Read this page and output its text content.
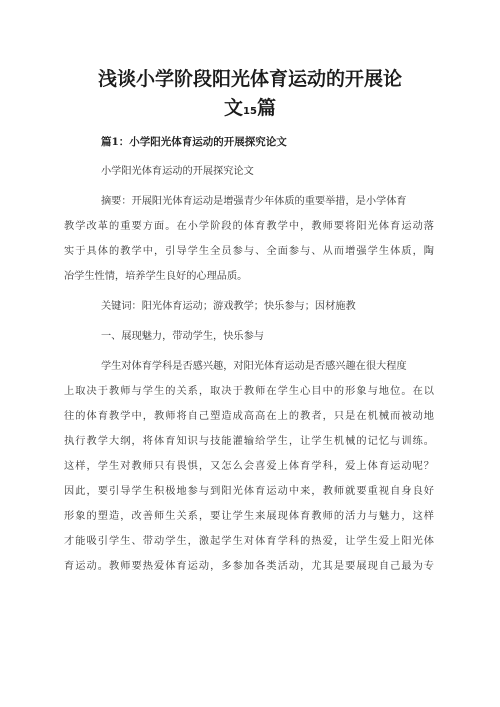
浅谈小学阶段阳光体育运动的开展论
文15篇
篇1：小学阳光体育运动的开展探究论文
小学阳光体育运动的开展探究论文
摘要：开展阳光体育运动是增强青少年体质的重要举措，是小学体育
教学改革的重要方面。在小学阶段的体育教学中，教师要将阳光体育运动落
实于具体的教学中，引导学生全员参与、全面参与、从而增强学生体质，陶
冶学生性情，培养学生良好的心理品质。
关键词：阳光体育运动；游戏教学；快乐参与；因材施教
一、展现魅力，带动学生，快乐参与
学生对体育学科是否感兴趣，对阳光体育运动是否感兴趣在很大程度
上取决于教师与学生的关系，取决于教师在学生心目中的形象与地位。在以
往的体育教学中，教师将自己塑造成高高在上的教者，只是在机械而被动地
执行教学大纲，将体育知识与技能灌输给学生，让学生机械的记忆与训练。
这样，学生对教师只有畏惧，又怎么会喜爱上体育学科，爱上体育运动呢？
因此，要引导学生积极地参与到阳光体育运动中来，教师就要重视自身良好
形象的塑造，改善师生关系，要让学生来展现体育教师的活力与魅力，这样
才能吸引学生、带动学生，激起学生对体育学科的热爱，让学生爱上阳光体
育运动。教师要热爱体育运动，多参加各类活动，尤其是要展现自己最为专
